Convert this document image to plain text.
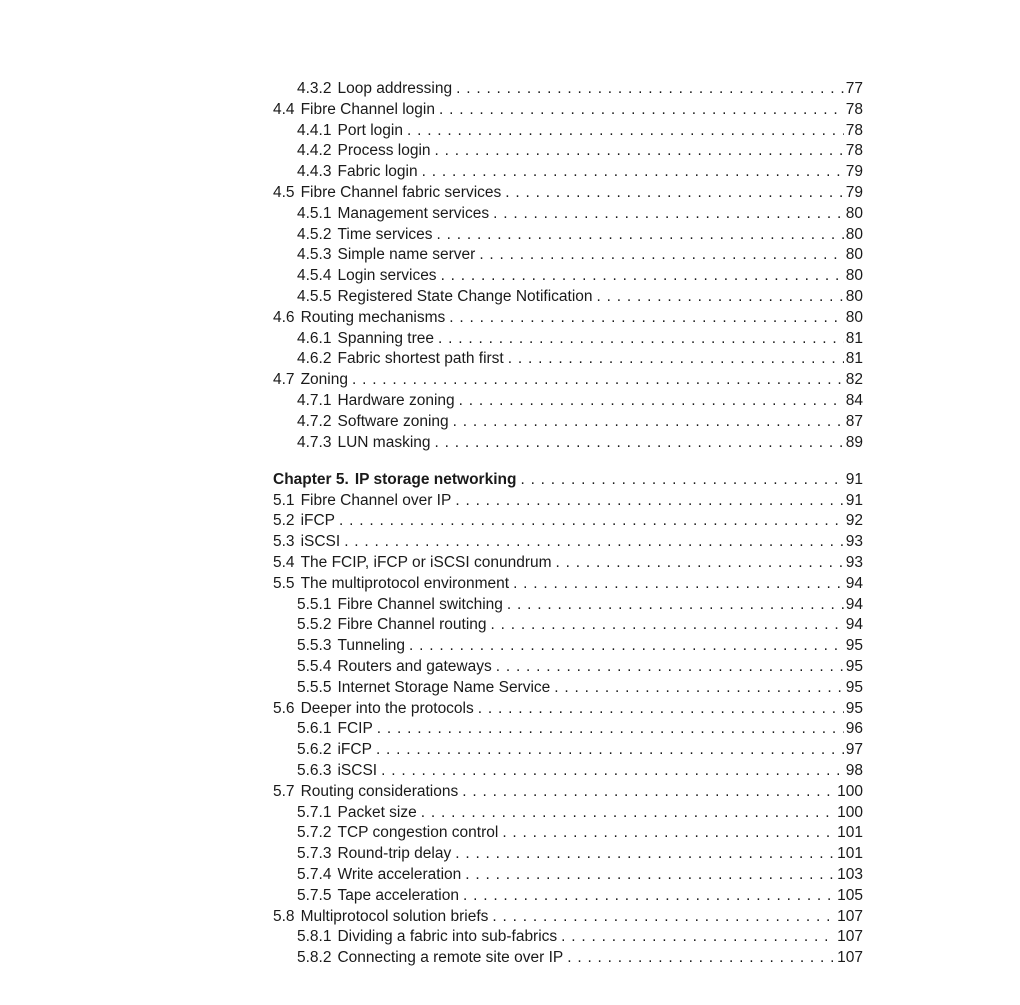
4.3.2 Loop addressing . . .	77
4.4 Fibre Channel login . . .	78
4.4.1 Port login . . .	78
4.4.2 Process login . . .	78
4.4.3 Fabric login . . .	79
4.5 Fibre Channel fabric services . . .	79
4.5.1 Management services . . .	80
4.5.2 Time services . . .	80
4.5.3 Simple name server . . .	80
4.5.4 Login services . . .	80
4.5.5 Registered State Change Notification . . .	80
4.6 Routing mechanisms . . .	80
4.6.1 Spanning tree . . .	81
4.6.2 Fabric shortest path first . . .	81
4.7 Zoning . . .	82
4.7.1 Hardware zoning . . .	84
4.7.2 Software zoning . . .	87
4.7.3 LUN masking . . .	89
Chapter 5. IP storage networking . . .	91
5.1 Fibre Channel over IP . . .	91
5.2 iFCP . . .	92
5.3 iSCSI . . .	93
5.4 The FCIP, iFCP or iSCSI conundrum . . .	93
5.5 The multiprotocol environment . . .	94
5.5.1 Fibre Channel switching . . .	94
5.5.2 Fibre Channel routing . . .	94
5.5.3 Tunneling . . .	95
5.5.4 Routers and gateways . . .	95
5.5.5 Internet Storage Name Service . . .	95
5.6 Deeper into the protocols . . .	95
5.6.1 FCIP . . .	96
5.6.2 iFCP . . .	97
5.6.3 iSCSI . . .	98
5.7 Routing considerations . . .	100
5.7.1 Packet size . . .	100
5.7.2 TCP congestion control . . .	101
5.7.3 Round-trip delay . . .	101
5.7.4 Write acceleration . . .	103
5.7.5 Tape acceleration . . .	105
5.8 Multiprotocol solution briefs . . .	107
5.8.1 Dividing a fabric into sub-fabrics . . .	107
5.8.2 Connecting a remote site over IP . . .	107
